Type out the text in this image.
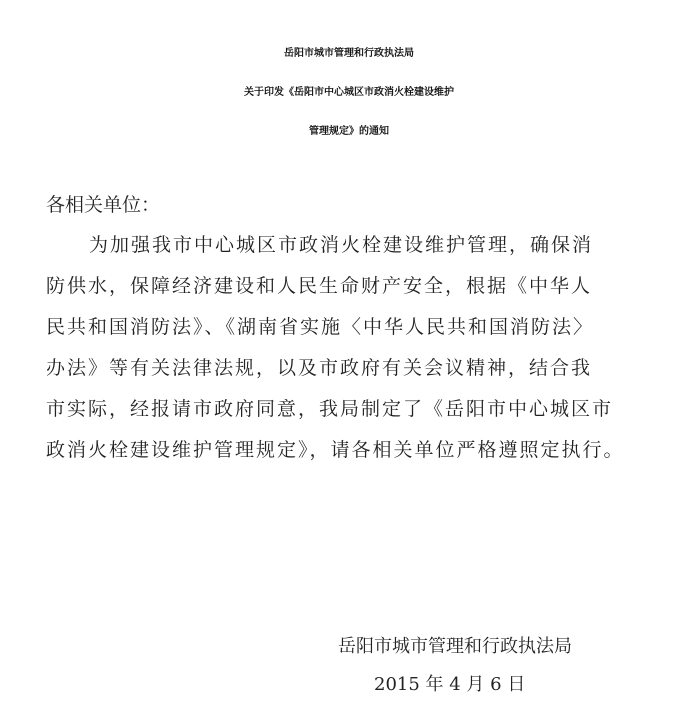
岳阳市城市管理和行政执法局
关于印发《岳阳市中心城区市政消火栓建设维护
管理规定》的通知
各相关单位：
为加强我市中心城区市政消火栓建设维护管理，确保消
防供水，保障经济建设和人民生命财产安全，根据《中华人
民共和国消防法》、《湖南省实施〈中华人民共和国消防法〉
办法》等有关法律法规，以及市政府有关会议精神，结合我
市实际，经报请市政府同意，我局制定了《岳阳市中心城区市
政消火栓建设维护管理规定》，请各相关单位严格遵照定执行。
岳阳市城市管理和行政执法局
2015 年 4 月 6 日
